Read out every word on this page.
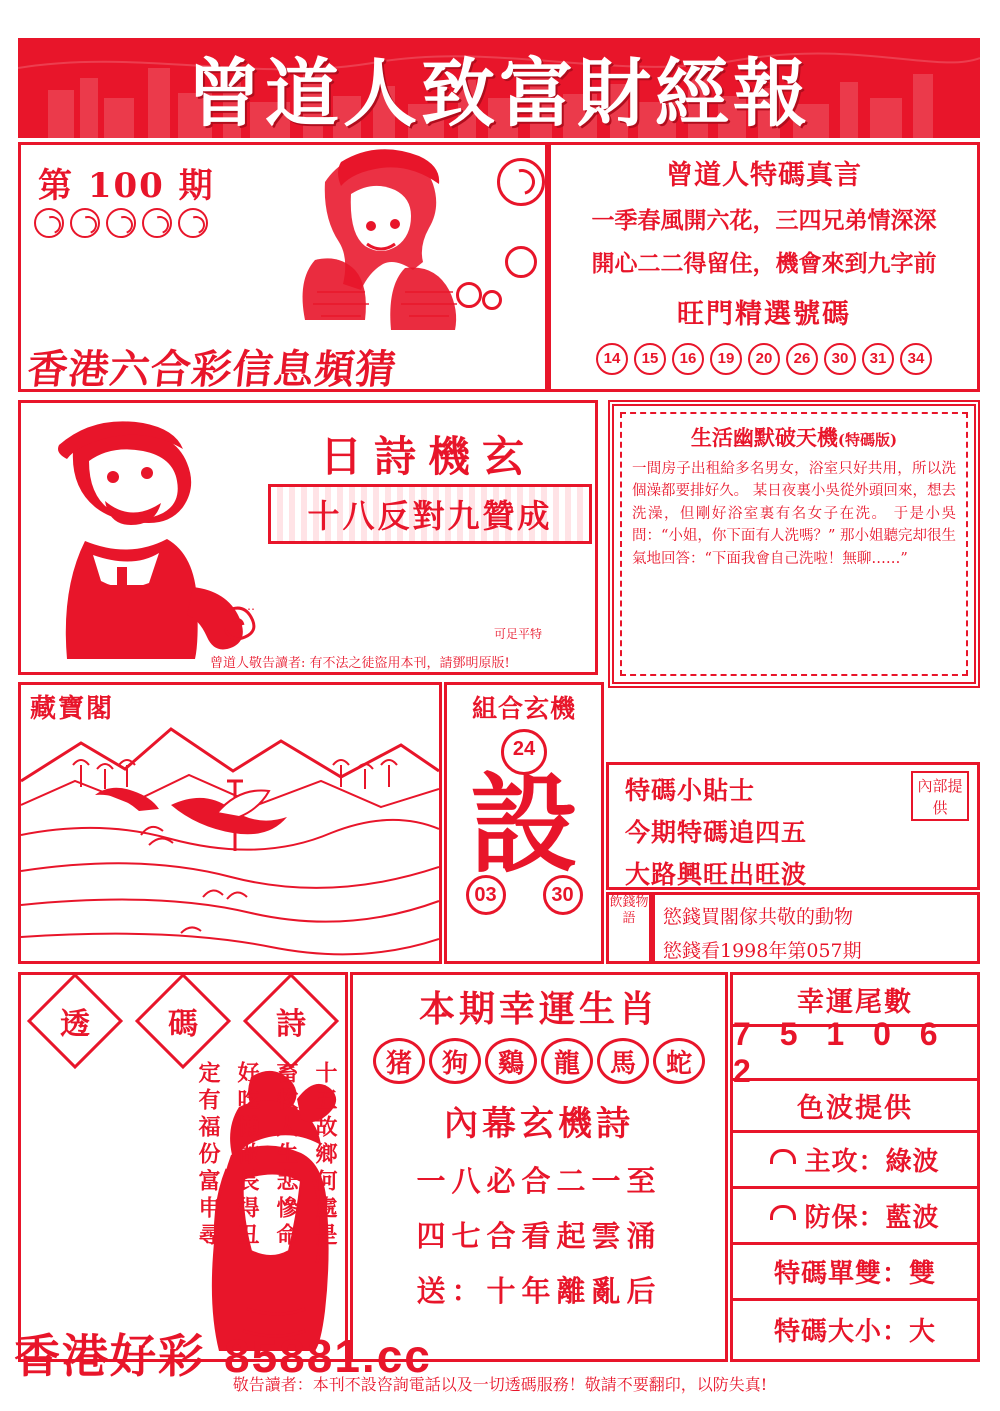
曾道人致富財經報
第 100 期
香港六合彩信息頻猜
曾道人特碼真言
一季春風開六花，三四兄弟情深深
開心二二得留住，機會來到九字前
旺門精選號碼
14	15	16	19	20	26	30	31	34
‥
日詩機玄
十八反對九贊成
可足平特
曾道人敬告讀者: 有不法之徒盜用本刊，請鄧明原版!
生活幽默破天機(特碼版)
一間房子出租給多名男女，浴室只好共用，所以洗個澡都要排好久。 某日夜裏小吳從外頭回來，想去洗澡，但剛好浴室裏有名女子在洗。 于是小吳問：“小姐，你下面有人洗嗎？” 那小姐聽完却很生氣地回答：“下面我會自己洗啦！無聊……”
藏寶閣	組合玄機
24
設
03	30
特碼小貼士
今期特碼追四五
大路興旺出旺波
內部提供
飲錢物語	慾錢買閣傢共敬的動物
慾錢看1998年第057期
透	碼	詩
十五故鄉何處是
畜牧人生悲慘命
好吃懶做長得丑
定有福份富申尋
本期幸運生肖
猪	狗	鷄	龍	馬	蛇
內幕玄機詩
一八必合二一至
四七合看起雲涌
送：十年離亂后
幸運尾數
7 5 1 0 6 2
色波提供
主攻：綠波
防保：藍波
特碼單雙：雙
特碼大小：大
敬告讀者：本刊不設咨詢電話以及一切透碼服務！敬請不要翻印，以防失真!
香港好彩 85881.cc
